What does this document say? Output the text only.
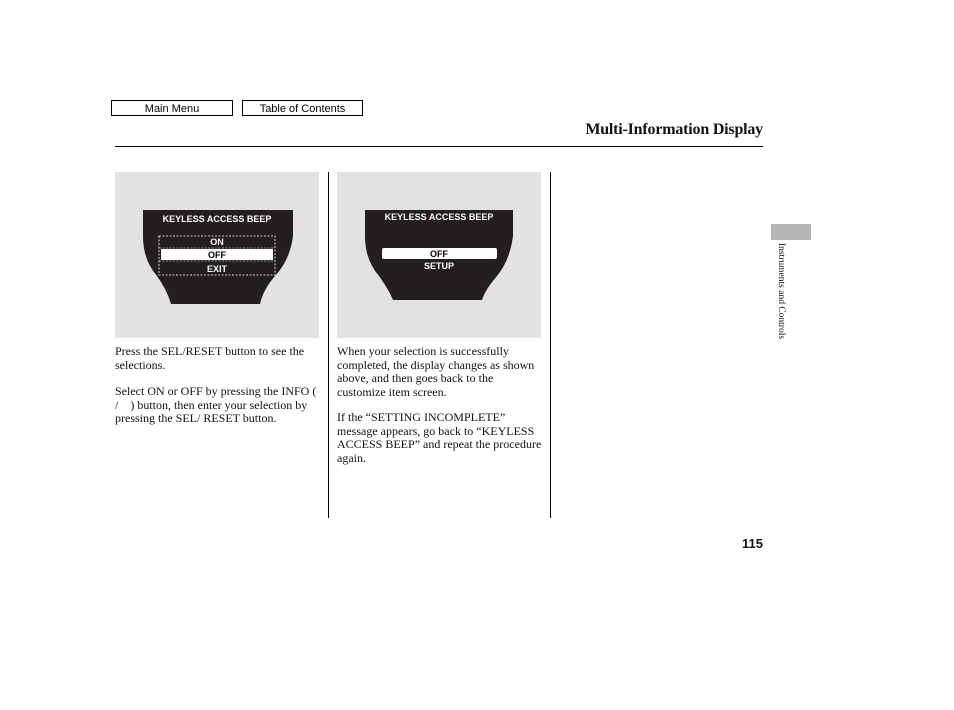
Main Menu	Table of Contents
Multi-Information Display
KEYLESS ACCESS BEEP
ON
OFF
EXIT
KEYLESS ACCESS BEEP
OFF
SETUP

Press the SEL/RESET button to see the selections.

Select ON or OFF by pressing the INFO (    /    ) button, then enter your selection by pressing the SEL/ RESET button.

When your selection is successfully completed, the display changes as shown above, and then goes back to the customize item screen.

If the “SETTING INCOMPLETE” message appears, go back to “KEYLESS ACCESS BEEP” and repeat the procedure again.

Instruments and Controls
115
